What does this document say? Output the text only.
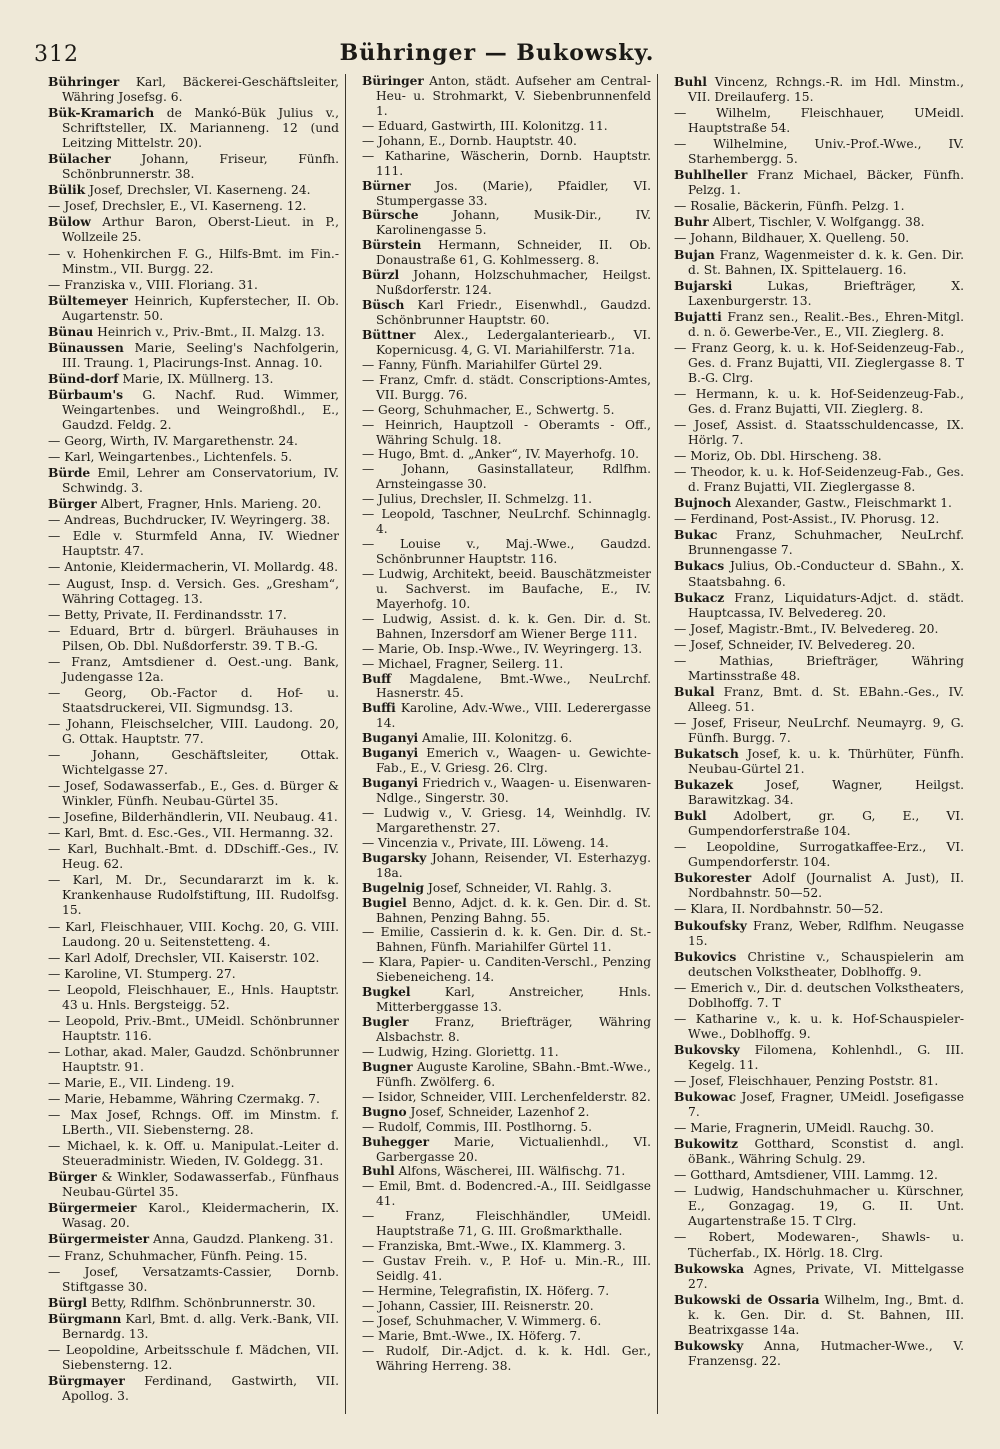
312	Bühringer — Bukowsky.

Bühringer Karl, Bäckerei-Geschäftsleiter, Währing Josefsg. 6.

Bük-Kramarich de Mankó-Bük Julius v., Schriftsteller, IX. Marianneng. 12 (und Leitzing Mittelstr. 20).

Bülacher Johann, Friseur, Fünfh. Schönbrunnerstr. 38.

Bülik Josef, Drechsler, VI. Kaserneng. 24.

— Josef, Drechsler, E., VI. Kaserneng. 12.

Bülow Arthur Baron, Oberst-Lieut. in P., Wollzeile 25.

— v. Hohenkirchen F. G., Hilfs-Bmt. im Fin.-Minstm., VII. Burgg. 22.

— Franziska v., VIII. Floriang. 31.

Bültemeyer Heinrich, Kupferstecher, II. Ob. Augartenstr. 50.

Bünau Heinrich v., Priv.-Bmt., II. Malzg. 13.

Bünaussen Marie, Seeling's Nachfolgerin, III. Traung. 1, Placirungs-Inst. Annag. 10.

Bünd-dorf Marie, IX. Müllnerg. 13.

Bürbaum's G. Nachf. Rud. Wimmer, Weingartenbes. und Weingroßhdl., E., Gaudzd. Feldg. 2.

— Georg, Wirth, IV. Margarethenstr. 24.

— Karl, Weingartenbes., Lichtenfels. 5.

Bürde Emil, Lehrer am Conservatorium, IV. Schwindg. 3.

Bürger Albert, Fragner, Hnls. Marieng. 20.

— Andreas, Buchdrucker, IV. Weyringerg. 38.

— Edle v. Sturmfeld Anna, IV. Wiedner Hauptstr. 47.

— Antonie, Kleidermacherin, VI. Mollardg. 48.

— August, Insp. d. Versich. Ges. „Gresham“, Währing Cottageg. 13.

— Betty, Private, II. Ferdinandsstr. 17.

— Eduard, Brtr d. bürgerl. Bräuhauses in Pilsen, Ob. Dbl. Nußdorferstr. 39. T B.-G.

— Franz, Amtsdiener d. Oest.-ung. Bank, Judengasse 12a.

— Georg, Ob.-Factor d. Hof- u. Staatsdruckerei, VII. Sigmundsg. 13.

— Johann, Fleischselcher, VIII. Laudong. 20, G. Ottak. Hauptstr. 77.

— Johann, Geschäftsleiter, Ottak. Wichtelgasse 27.

— Josef, Sodawasserfab., E., Ges. d. Bürger & Winkler, Fünfh. Neubau-Gürtel 35.

— Josefine, Bilderhändlerin, VII. Neubaug. 41.

— Karl, Bmt. d. Esc.-Ges., VII. Hermanng. 32.

— Karl, Buchhalt.-Bmt. d. DDschiff.-Ges., IV. Heug. 62.

— Karl, M. Dr., Secundararzt im k. k. Krankenhause Rudolfstiftung, III. Rudolfsg. 15.

— Karl, Fleischhauer, VIII. Kochg. 20, G. VIII. Laudong. 20 u. Seitenstetteng. 4.

— Karl Adolf, Drechsler, VII. Kaiserstr. 102.

— Karoline, VI. Stumperg. 27.

— Leopold, Fleischhauer, E., Hnls. Hauptstr. 43 u. Hnls. Bergsteigg. 52.

— Leopold, Priv.-Bmt., UMeidl. Schönbrunner Hauptstr. 116.

— Lothar, akad. Maler, Gaudzd. Schönbrunner Hauptstr. 91.

— Marie, E., VII. Lindeng. 19.

— Marie, Hebamme, Währing Czermakg. 7.

— Max Josef, Rchngs. Off. im Minstm. f. LBerth., VII. Siebensterng. 28.

— Michael, k. k. Off. u. Manipulat.-Leiter d. Steueradministr. Wieden, IV. Goldegg. 31.

Bürger & Winkler, Sodawasserfab., Fünfhaus Neubau-Gürtel 35.

Bürgermeier Karol., Kleidermacherin, IX. Wasag. 20.

Bürgermeister Anna, Gaudzd. Plankeng. 31.

— Franz, Schuhmacher, Fünfh. Peing. 15.

— Josef, Versatzamts-Cassier, Dornb. Stiftgasse 30.

Bürgl Betty, Rdlfhm. Schönbrunnerstr. 30.

Bürgmann Karl, Bmt. d. allg. Verk.-Bank, VII. Bernardg. 13.

— Leopoldine, Arbeitsschule f. Mädchen, VII. Siebensterng. 12.

Bürgmayer Ferdinand, Gastwirth, VII. Apollog. 3.

Büringer Anton, städt. Aufseher am Central-Heu- u. Strohmarkt, V. Siebenbrunnenfeld 1.

— Eduard, Gastwirth, III. Kolonitzg. 11.

— Johann, E., Dornb. Hauptstr. 40.

— Katharine, Wäscherin, Dornb. Hauptstr. 111.

Bürner Jos. (Marie), Pfaidler, VI. Stumpergasse 33.

Bürsche Johann, Musik-Dir., IV. Karolinengasse 5.

Bürstein Hermann, Schneider, II. Ob. Donaustraße 61, G. Kohlmesserg. 8.

Bürzl Johann, Holzschuhmacher, Heilgst. Nußdorferstr. 124.

Büsch Karl Friedr., Eisenwhdl., Gaudzd. Schönbrunner Hauptstr. 60.

Büttner Alex., Ledergalanteriearb., VI. Kopernicusg. 4, G. VI. Mariahilferstr. 71a.

— Fanny, Fünfh. Mariahilfer Gürtel 29.

— Franz, Cmfr. d. städt. Conscriptions-Amtes, VII. Burgg. 76.

— Georg, Schuhmacher, E., Schwertg. 5.

— Heinrich, Hauptzoll - Oberamts - Off., Währing Schulg. 18.

— Hugo, Bmt. d. „Anker“, IV. Mayerhofg. 10.

— Johann, Gasinstallateur, Rdlfhm. Arnsteingasse 30.

— Julius, Drechsler, II. Schmelzg. 11.

— Leopold, Taschner, NeuLrchf. Schinnaglg. 4.

— Louise v., Maj.-Wwe., Gaudzd. Schönbrunner Hauptstr. 116.

— Ludwig, Architekt, beeid. Bauschätzmeister u. Sachverst. im Baufache, E., IV. Mayerhofg. 10.

— Ludwig, Assist. d. k. k. Gen. Dir. d. St. Bahnen, Inzersdorf am Wiener Berge 111.

— Marie, Ob. Insp.-Wwe., IV. Weyringerg. 13.

— Michael, Fragner, Seilerg. 11.

Buff Magdalene, Bmt.-Wwe., NeuLrchf. Hasnerstr. 45.

Buffi Karoline, Adv.-Wwe., VIII. Lederergasse 14.

Buganyi Amalie, III. Kolonitzg. 6.

Buganyi Emerich v., Waagen- u. Gewichte-Fab., E., V. Griesg. 26. Clrg.

Buganyi Friedrich v., Waagen- u. Eisenwaren-Ndlge., Singerstr. 30.

— Ludwig v., V. Griesg. 14, Weinhdlg. IV. Margarethenstr. 27.

— Vincenzia v., Private, III. Löweng. 14.

Bugarsky Johann, Reisender, VI. Esterhazyg. 18a.

Bugelnig Josef, Schneider, VI. Rahlg. 3.

Bugiel Benno, Adjct. d. k. k. Gen. Dir. d. St. Bahnen, Penzing Bahng. 55.

— Emilie, Cassierin d. k. k. Gen. Dir. d. St.-Bahnen, Fünfh. Mariahilfer Gürtel 11.

— Klara, Papier- u. Canditen-Verschl., Penzing Siebeneicheng. 14.

Bugkel Karl, Anstreicher, Hnls. Mitterberggasse 13.

Bugler Franz, Briefträger, Währing Alsbachstr. 8.

— Ludwig, Hzing. Gloriettg. 11.

Bugner Auguste Karoline, SBahn.-Bmt.-Wwe., Fünfh. Zwölferg. 6.

— Isidor, Schneider, VIII. Lerchenfelderstr. 82.

Bugno Josef, Schneider, Lazenhof 2.

— Rudolf, Commis, III. Postlhorng. 5.

Buhegger Marie, Victualienhdl., VI. Garbergasse 20.

Buhl Alfons, Wäscherei, III. Wälfischg. 71.

— Emil, Bmt. d. Bodencred.-A., III. Seidlgasse 41.

— Franz, Fleischhändler, UMeidl. Hauptstraße 71, G. III. Großmarkthalle.

— Franziska, Bmt.-Wwe., IX. Klammerg. 3.

— Gustav Freih. v., P. Hof- u. Min.-R., III. Seidlg. 41.

— Hermine, Telegrafistin, IX. Höferg. 7.

— Johann, Cassier, III. Reisnerstr. 20.

— Josef, Schuhmacher, V. Wimmerg. 6.

— Marie, Bmt.-Wwe., IX. Höferg. 7.

— Rudolf, Dir.-Adjct. d. k. k. Hdl. Ger., Währing Herreng. 38.

Buhl Vincenz, Rchngs.-R. im Hdl. Minstm., VII. Dreilauferg. 15.

— Wilhelm, Fleischhauer, UMeidl. Hauptstraße 54.

— Wilhelmine, Univ.-Prof.-Wwe., IV. Starhembergg. 5.

Buhlheller Franz Michael, Bäcker, Fünfh. Pelzg. 1.

— Rosalie, Bäckerin, Fünfh. Pelzg. 1.

Buhr Albert, Tischler, V. Wolfgangg. 38.

— Johann, Bildhauer, X. Quelleng. 50.

Bujan Franz, Wagenmeister d. k. k. Gen. Dir. d. St. Bahnen, IX. Spittelauerg. 16.

Bujarski Lukas, Briefträger, X. Laxenburgerstr. 13.

Bujatti Franz sen., Realit.-Bes., Ehren-Mitgl. d. n. ö. Gewerbe-Ver., E., VII. Zieglerg. 8.

— Franz Georg, k. u. k. Hof-Seidenzeug-Fab., Ges. d. Franz Bujatti, VII. Zieglergasse 8. T B.-G. Clrg.

— Hermann, k. u. k. Hof-Seidenzeug-Fab., Ges. d. Franz Bujatti, VII. Zieglerg. 8.

— Josef, Assist. d. Staatsschuldencasse, IX. Hörlg. 7.

— Moriz, Ob. Dbl. Hirscheng. 38.

— Theodor, k. u. k. Hof-Seidenzeug-Fab., Ges. d. Franz Bujatti, VII. Zieglergasse 8.

Bujnoch Alexander, Gastw., Fleischmarkt 1.

— Ferdinand, Post-Assist., IV. Phorusg. 12.

Bukac Franz, Schuhmacher, NeuLrchf. Brunnengasse 7.

Bukacs Julius, Ob.-Conducteur d. SBahn., X. Staatsbahng. 6.

Bukacz Franz, Liquidaturs-Adjct. d. städt. Hauptcassa, IV. Belvedereg. 20.

— Josef, Magistr.-Bmt., IV. Belvedereg. 20.

— Josef, Schneider, IV. Belvedereg. 20.

— Mathias, Briefträger, Währing Martinsstraße 48.

Bukal Franz, Bmt. d. St. EBahn.-Ges., IV. Alleeg. 51.

— Josef, Friseur, NeuLrchf. Neumayrg. 9, G. Fünfh. Burgg. 7.

Bukatsch Josef, k. u. k. Thürhüter, Fünfh. Neubau-Gürtel 21.

Bukazek Josef, Wagner, Heilgst. Barawitzkag. 34.

Bukl Adolbert, gr. G, E., VI. Gumpendorferstraße 104.

— Leopoldine, Surrogatkaffee-Erz., VI. Gumpendorferstr. 104.

Bukorester Adolf (Journalist A. Just), II. Nordbahnstr. 50—52.

— Klara, II. Nordbahnstr. 50—52.

Bukoufsky Franz, Weber, Rdlfhm. Neugasse 15.

Bukovics Christine v., Schauspielerin am deutschen Volkstheater, Doblhoffg. 9.

— Emerich v., Dir. d. deutschen Volkstheaters, Doblhoffg. 7. T

— Katharine v., k. u. k. Hof-Schauspieler-Wwe., Doblhoffg. 9.

Bukovsky Filomena, Kohlenhdl., G. III. Kegelg. 11.

— Josef, Fleischhauer, Penzing Poststr. 81.

Bukowac Josef, Fragner, UMeidl. Josefigasse 7.

— Marie, Fragnerin, UMeidl. Rauchg. 30.

Bukowitz Gotthard, Sconstist d. angl. öBank., Währing Schulg. 29.

— Gotthard, Amtsdiener, VIII. Lammg. 12.

— Ludwig, Handschuhmacher u. Kürschner, E., Gonzagag. 19, G. II. Unt. Augartenstraße 15. T Clrg.

— Robert, Modewaren-, Shawls- u. Tücherfab., IX. Hörlg. 18. Clrg.

Bukowska Agnes, Private, VI. Mittelgasse 27.

Bukowski de Ossaria Wilhelm, Ing., Bmt. d. k. k. Gen. Dir. d. St. Bahnen, III. Beatrixgasse 14a.

Bukowsky Anna, Hutmacher-Wwe., V. Franzensg. 22.
